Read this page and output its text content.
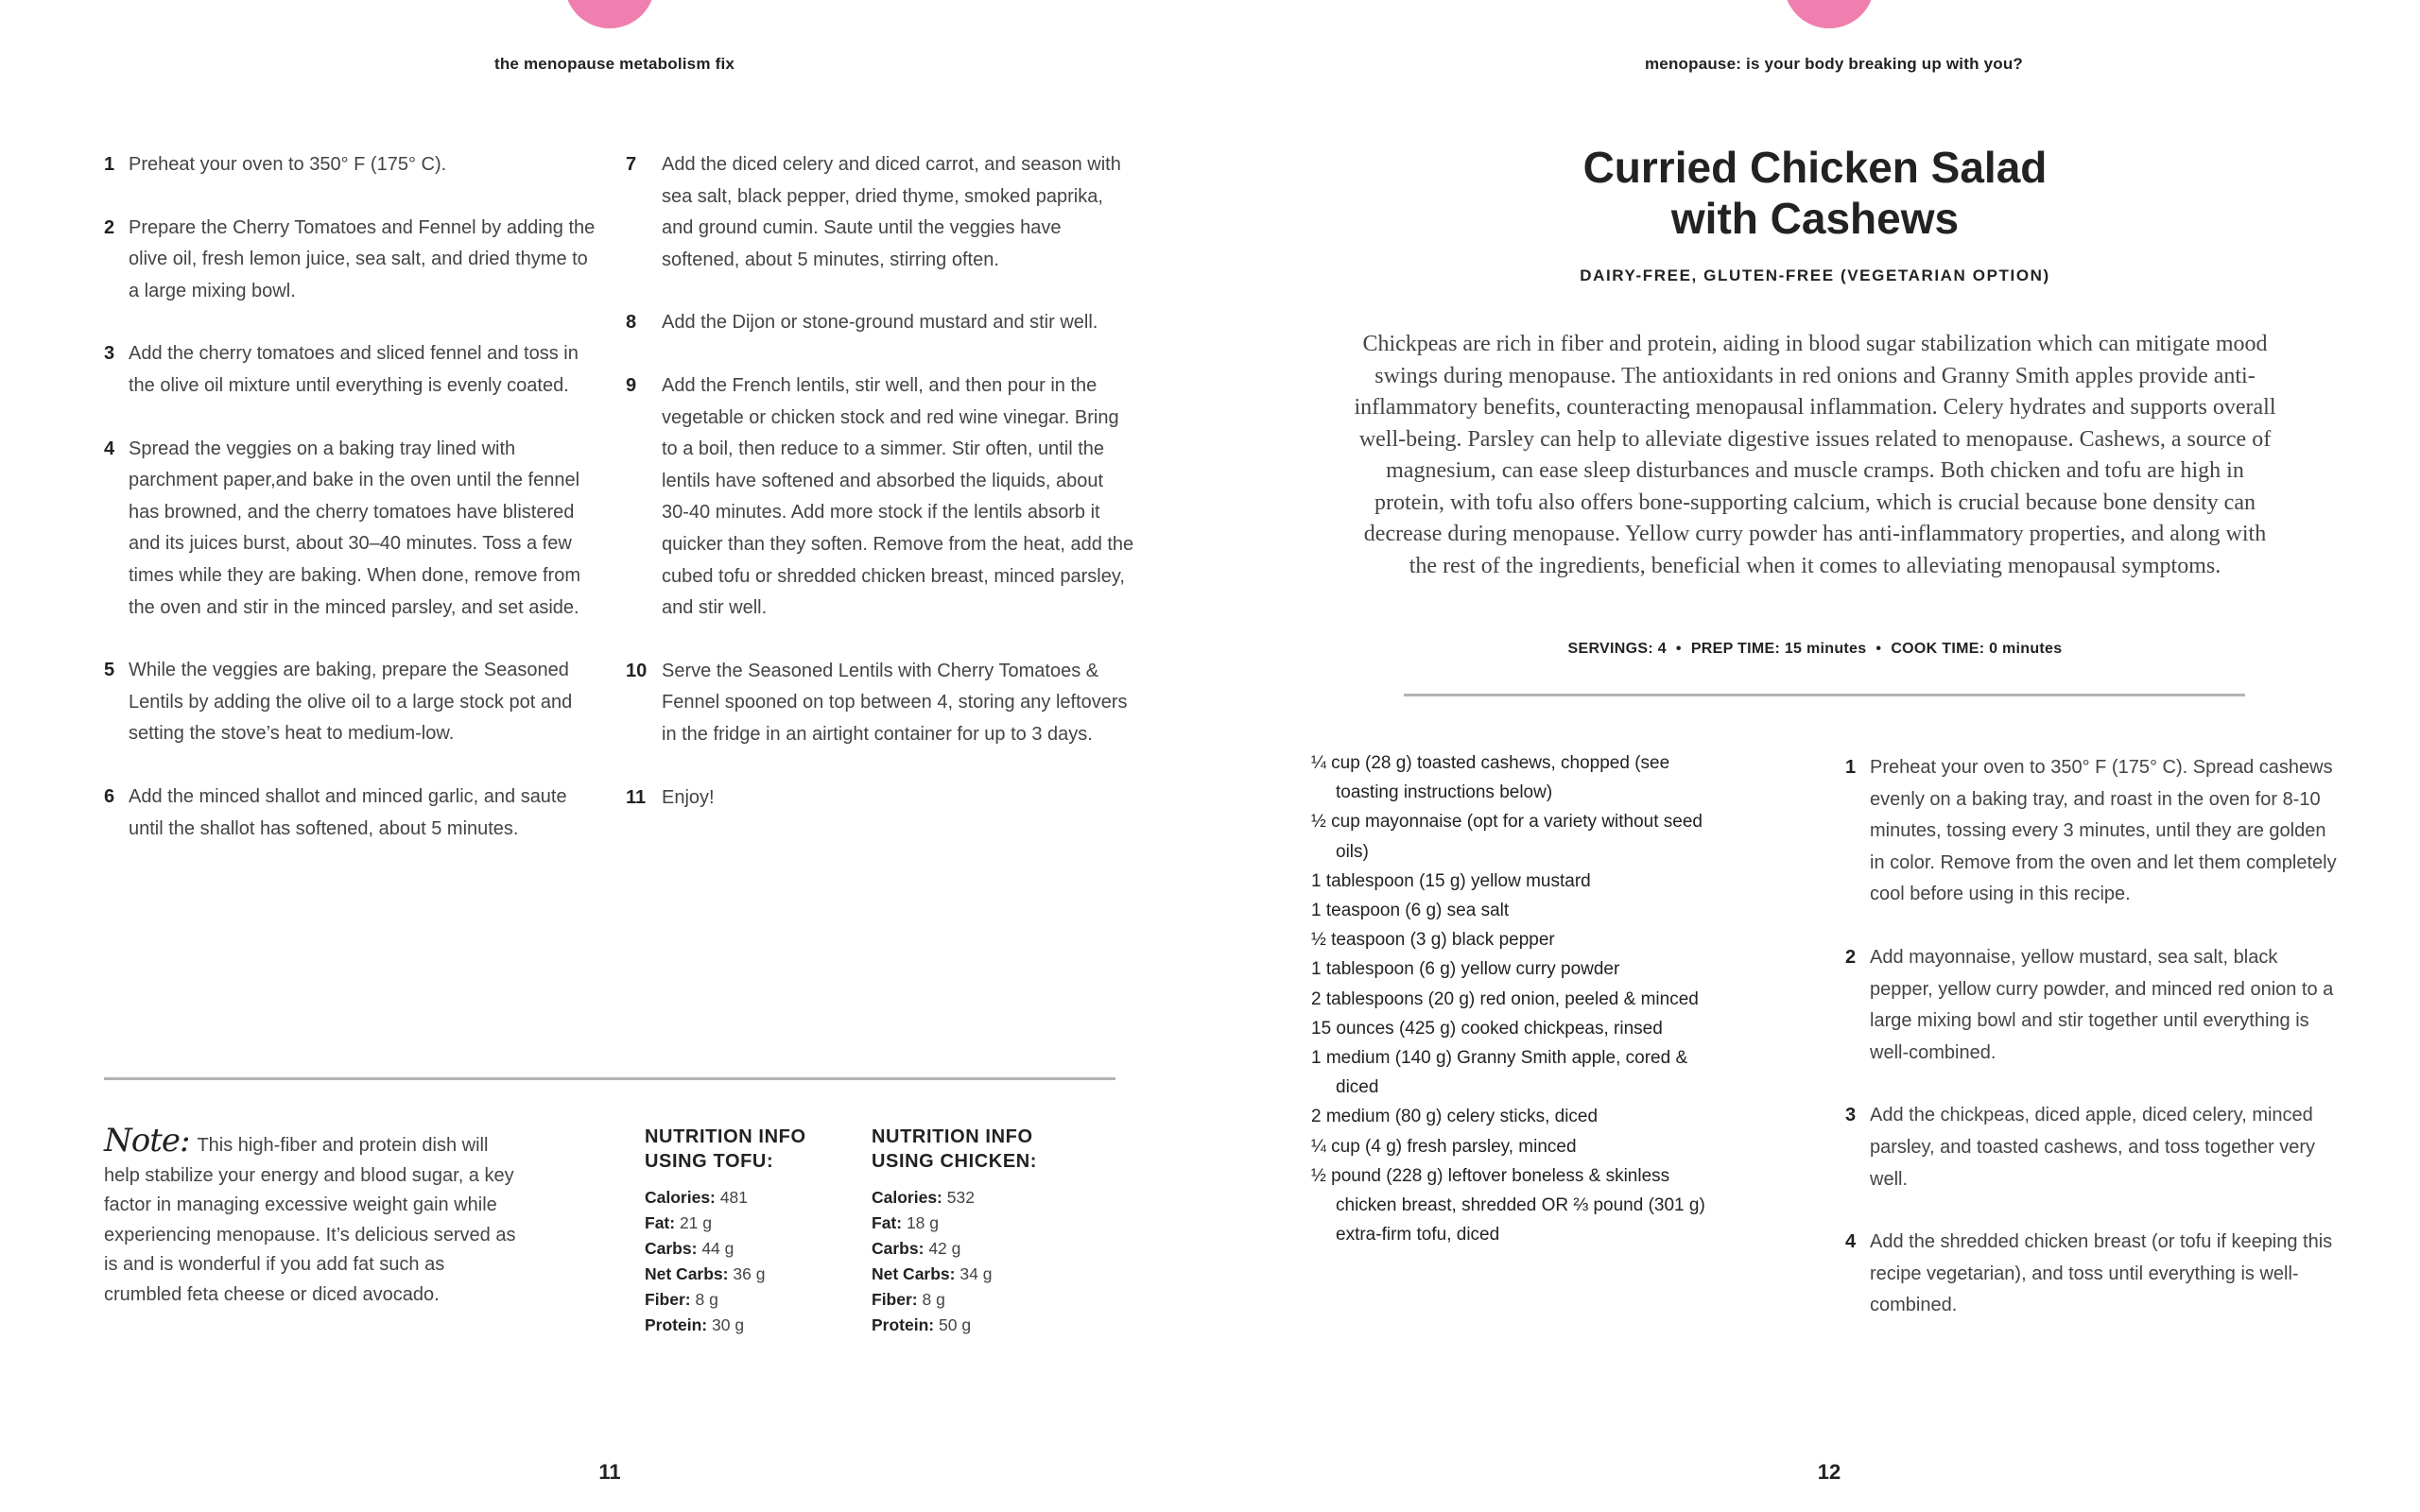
the menopause metabolism fix
1 Preheat your oven to 350° F (175° C).
2 Prepare the Cherry Tomatoes and Fennel by adding the olive oil, fresh lemon juice, sea salt, and dried thyme to a large mixing bowl.
3 Add the cherry tomatoes and sliced fennel and toss in the olive oil mixture until everything is evenly coated.
4 Spread the veggies on a baking tray lined with parchment paper,and bake in the oven until the fennel has browned, and the cherry tomatoes have blistered and its juices burst, about 30–40 minutes. Toss a few times while they are baking. When done, remove from the oven and stir in the minced parsley, and set aside.
5 While the veggies are baking, prepare the Seasoned Lentils by adding the olive oil to a large stock pot and setting the stove’s heat to medium-low.
6 Add the minced shallot and minced garlic, and saute until the shallot has softened, about 5 minutes.
7	Add the diced celery and diced carrot, and season with sea salt, black pepper, dried thyme, smoked paprika, and ground cumin. Saute until the veggies have softened, about 5 minutes, stirring often.
8	Add the Dijon or stone-ground mustard and stir well.
9	Add the French lentils, stir well, and then pour in the vegetable or chicken stock and red wine vinegar. Bring to a boil, then reduce to a simmer. Stir often, until the lentils have softened and absorbed the liquids, about 30-40 minutes. Add more stock if the lentils absorb it quicker than they soften. Remove from the heat, add the cubed tofu or shredded chicken breast, minced parsley, and stir well.
10 Serve the Seasoned Lentils with Cherry Tomatoes & Fennel spooned on top between 4, storing any leftovers in the fridge in an airtight container for up to 3 days.
11 Enjoy!
Note: This high-fiber and protein dish will help stabilize your energy and blood sugar, a key factor in managing excessive weight gain while experiencing menopause. It’s delicious served as is and is wonderful if you add fat such as crumbled feta cheese or diced avocado.
NUTRITION INFO
USING TOFU:
Calories: 481
Fat: 21 g
Carbs: 44 g
Net Carbs: 36 g
Fiber: 8 g
Protein: 30 g
NUTRITION INFO
USING CHICKEN:
Calories: 532
Fat: 18 g
Carbs: 42 g
Net Carbs: 34 g
Fiber: 8 g
Protein: 50 g
11
menopause: is your body breaking up with you?
Curried Chicken Salad
with Cashews
DAIRY-FREE, GLUTEN-FREE (VEGETARIAN OPTION)

Chickpeas are rich in fiber and protein, aiding in blood sugar stabilization which can mitigate mood swings during menopause. The antioxidants in red onions and Granny Smith apples provide anti-inflammatory benefits, counteracting menopausal inflammation. Celery hydrates and supports overall well-being. Parsley can help to alleviate digestive issues related to menopause. Cashews, a source of magnesium, can ease sleep disturbances and muscle cramps. Both chicken and tofu are high in protein, with tofu also offers bone-supporting calcium, which is crucial because bone density can decrease during menopause. Yellow curry powder has anti-inflammatory properties, and along with the rest of the ingredients, beneficial when it comes to alleviating menopausal symptoms.

SERVINGS: 4 • PREP TIME: 15 minutes • COOK TIME: 0 minutes
¼ cup (28 g) toasted cashews, chopped (see toasting instructions below)
½ cup mayonnaise (opt for a variety without seed oils)
1 tablespoon (15 g) yellow mustard
1 teaspoon (6 g) sea salt
½ teaspoon (3 g) black pepper
1 tablespoon (6 g) yellow curry powder
2 tablespoons (20 g) red onion, peeled & minced
15 ounces (425 g) cooked chickpeas, rinsed
1 medium (140 g) Granny Smith apple, cored & diced
2 medium (80 g) celery sticks, diced
¼ cup (4 g) fresh parsley, minced
½ pound (228 g) leftover boneless & skinless chicken breast, shredded OR ⅔ pound (301 g) extra-firm tofu, diced
1 Preheat your oven to 350° F (175° C). Spread cashews evenly on a baking tray, and roast in the oven for 8-10 minutes, tossing every 3 minutes, until they are golden in color. Remove from the oven and let them completely cool before using in this recipe.
2 Add mayonnaise, yellow mustard, sea salt, black pepper, yellow curry powder, and minced red onion to a large mixing bowl and stir together until everything is well-combined.
3 Add the chickpeas, diced apple, diced celery, minced parsley, and toasted cashews, and toss together very well.
4 Add the shredded chicken breast (or tofu if keeping this recipe vegetarian), and toss until everything is well-combined.
12
